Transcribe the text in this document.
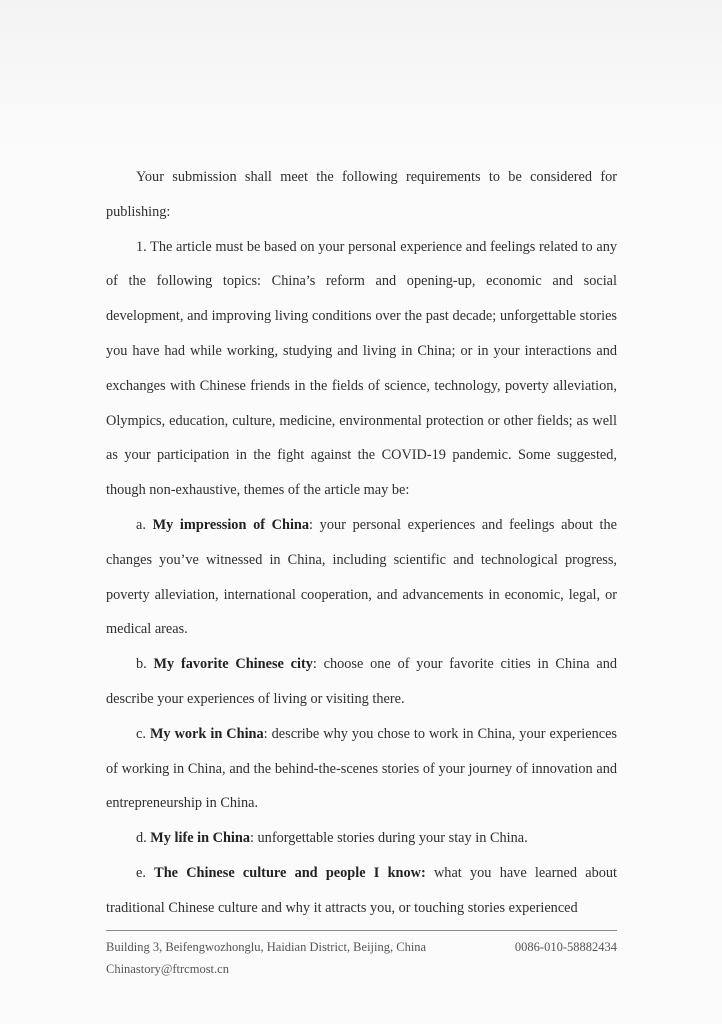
Your submission shall meet the following requirements to be considered for publishing:

1. The article must be based on your personal experience and feelings related to any of the following topics: China’s reform and opening-up, economic and social development, and improving living conditions over the past decade; unforgettable stories you have had while working, studying and living in China; or in your interactions and exchanges with Chinese friends in the fields of science, technology, poverty alleviation, Olympics, education, culture, medicine, environmental protection or other fields; as well as your participation in the fight against the COVID-19 pandemic. Some suggested, though non-exhaustive, themes of the article may be:

a. My impression of China: your personal experiences and feelings about the changes you’ve witnessed in China, including scientific and technological progress, poverty alleviation, international cooperation, and advancements in economic, legal, or medical areas.

b. My favorite Chinese city: choose one of your favorite cities in China and describe your experiences of living or visiting there.

c. My work in China: describe why you chose to work in China, your experiences of working in China, and the behind-the-scenes stories of your journey of innovation and entrepreneurship in China.

d. My life in China: unforgettable stories during your stay in China.

e. The Chinese culture and people I know: what you have learned about traditional Chinese culture and why it attracts you, or touching stories experienced

Building 3, Beifengwozhonglu, Haidian District, Beijing, China	0086-010-58882434
Chinastory@ftrcmost.cn
